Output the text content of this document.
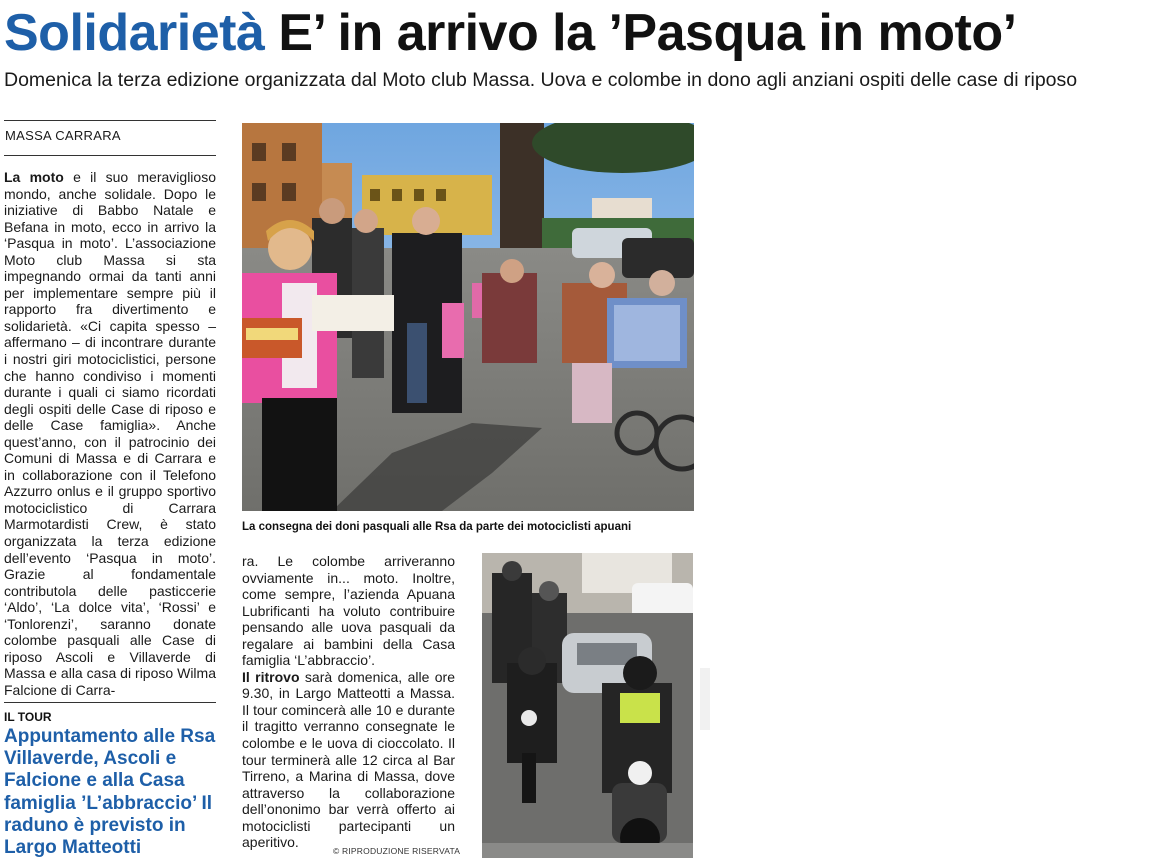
Solidarietà E’ in arrivo la ’Pasqua in moto’
Domenica la terza edizione organizzata dal Moto club Massa. Uova e colombe in dono agli anziani ospiti delle case di riposo
MASSA CARRARA
La moto e il suo meraviglioso mondo, anche solidale. Dopo le iniziative di Babbo Natale e Befana in moto, ecco in arrivo la ‘Pasqua in moto’. L’associazione Moto club Massa si sta impegnando ormai da tanti anni per implementare sempre più il rapporto fra divertimento e solidarietà. «Ci capita spesso – affermano – di incontrare durante i nostri giri motociclistici, persone che hanno condiviso i momenti durante i quali ci siamo ricordati degli ospiti delle Case di riposo e delle Case famiglia». Anche quest’anno, con il patrocinio dei Comuni di Massa e di Carrara e in collaborazione con il Telefono Azzurro onlus e il gruppo sportivo motociclistico di Carrara Marmotardisti Crew, è stato organizzata la terza edizione dell’evento ‘Pasqua in moto’. Grazie al fondamentale contributola delle pasticcerie ‘Aldo’, ‘La dolce vita’, ‘Rossi’ e ‘Tonlorenzi’, saranno donate colombe pasquali alle Case di riposo Ascoli e Villaverde di Massa e alla casa di riposo Wilma Falcione di Carra-
IL TOUR
Appuntamento alle Rsa Villaverde, Ascoli e Falcione e alla Casa famiglia ’L’abbraccio’ Il raduno è previsto in Largo Matteotti
La consegna dei doni pasquali alle Rsa da parte dei motociclisti apuani
ra. Le colombe arriveranno ovviamente in... moto. Inoltre, come sempre, l’azienda Apuana Lubrificanti ha voluto contribuire pensando alle uova pasquali da regalare ai bambini della Casa famiglia ‘L’abbraccio’.
Il ritrovo sarà domenica, alle ore 9.30, in Largo Matteotti a Massa. Il tour comincerà alle 10 e durante il tragitto verranno consegnate le colombe e le uova di cioccolato. Il tour terminerà alle 12 circa al Bar Tirreno, a Marina di Massa, dove attraverso la collaborazione dell’ononimo bar verrà offerto ai motociclisti partecipanti un aperitivo.
© RIPRODUZIONE RISERVATA
